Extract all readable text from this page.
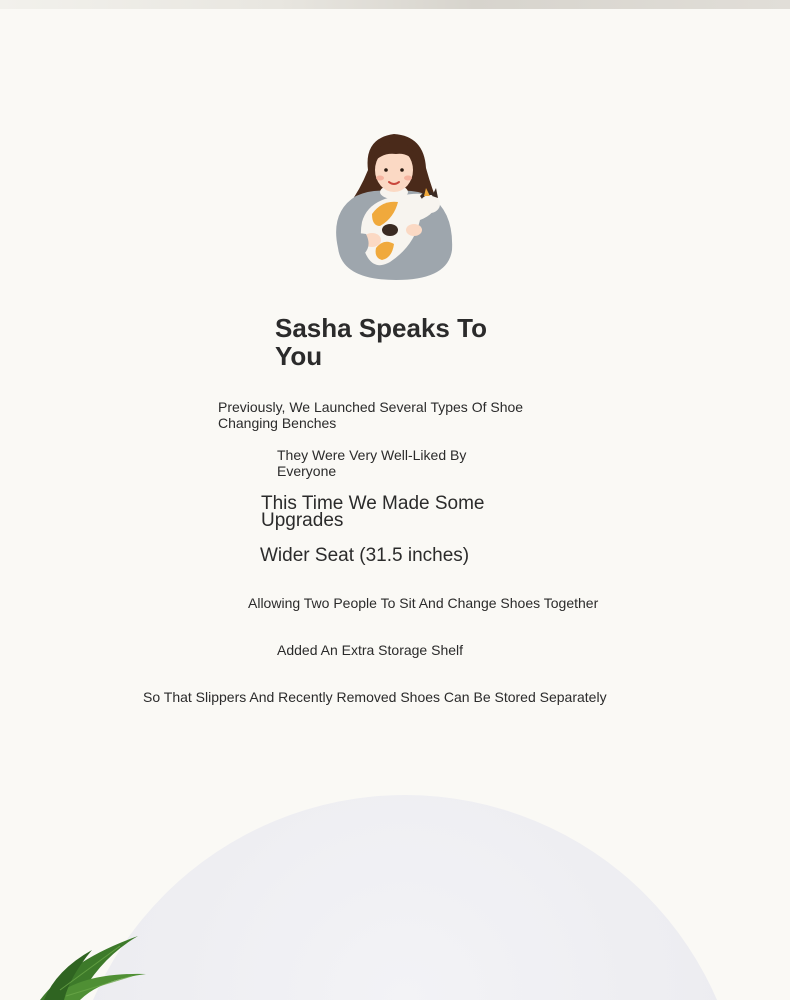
Sasha Speaks To You

Previously, We Launched Several Types Of Shoe Changing Benches

They Were Very Well-Liked By Everyone

This Time We Made Some Upgrades

Wider Seat (31.5 inches)

Allowing Two People To Sit And Change Shoes Together

Added An Extra Storage Shelf

So That Slippers And Recently Removed Shoes Can Be Stored Separately
